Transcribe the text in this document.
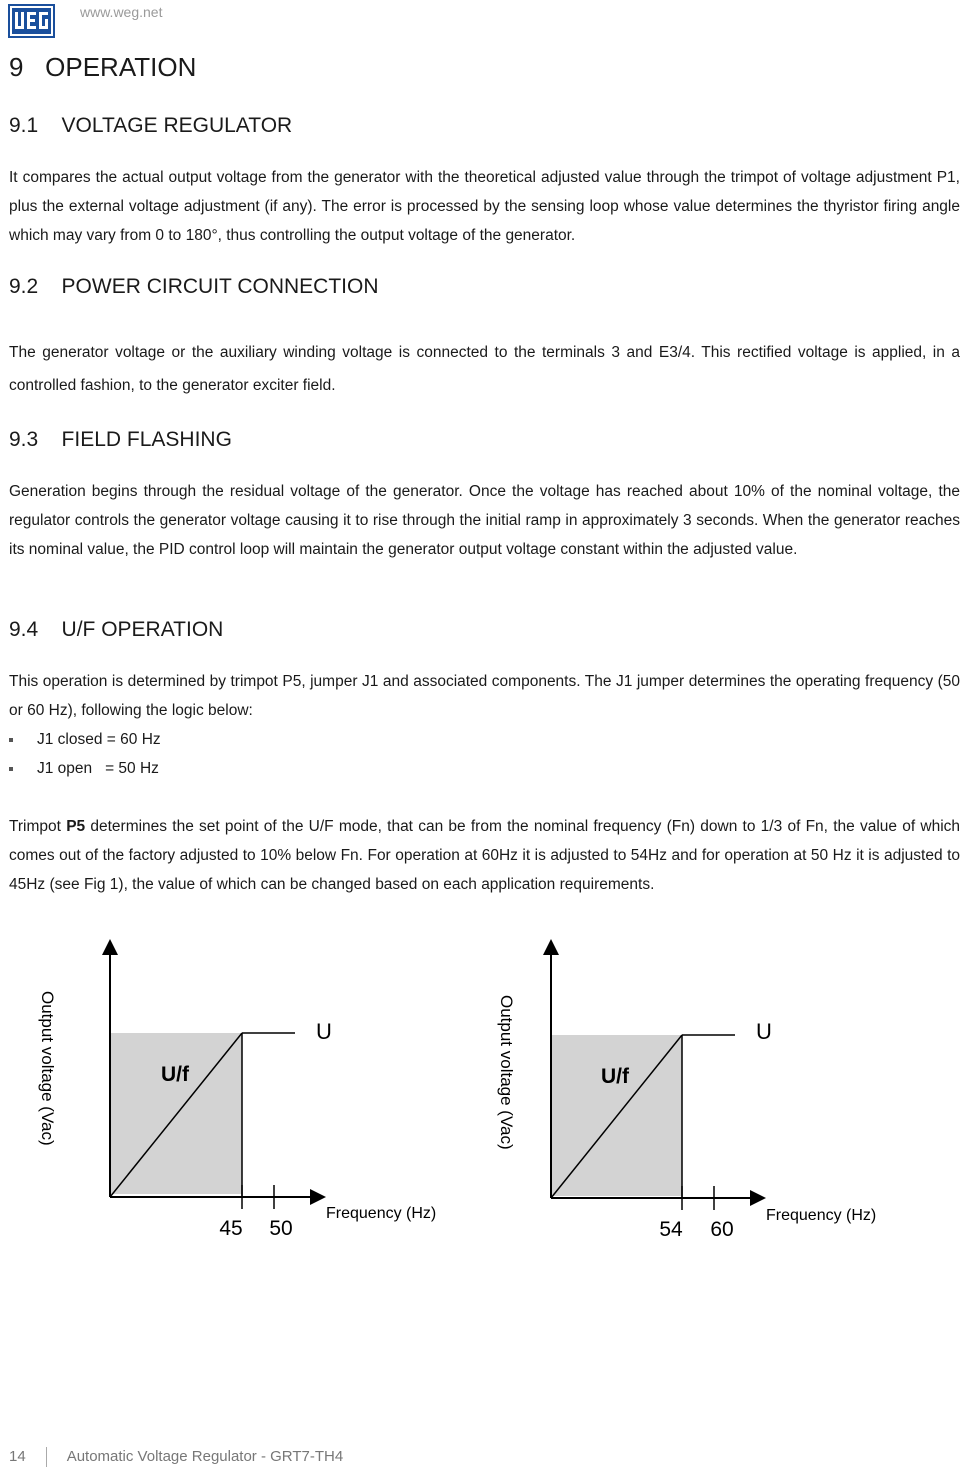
www.weg.net
9 OPERATION
9.1 VOLTAGE REGULATOR

It compares the actual output voltage from the generator with the theoretical adjusted value through the trimpot of voltage adjustment P1, plus the external voltage adjustment (if any). The error is processed by the sensing loop whose value determines the thyristor firing angle which may vary from 0 to 180°, thus controlling the output voltage of the generator.

9.2 POWER CIRCUIT CONNECTION

The generator voltage or the auxiliary winding voltage is connected to the terminals 3 and E3/4. This rectified voltage is applied, in a controlled fashion, to the generator exciter field.

9.3 FIELD FLASHING

Generation begins through the residual voltage of the generator. Once the voltage has reached about 10% of the nominal voltage, the regulator controls the generator voltage causing it to rise through the initial ramp in approximately 3 seconds. When the generator reaches its nominal value, the PID control loop will maintain the generator output voltage constant within the adjusted value.

9.4 U/F OPERATION

This operation is determined by trimpot P5, jumper J1 and associated components. The J1 jumper determines the operating frequency (50 or 60 Hz), following the logic below:

J1 closed = 60 Hz
J1 open   = 50 Hz

Trimpot P5 determines the set point of the U/F mode, that can be from the nominal frequency (Fn) down to 1/3 of Fn, the value of which comes out of the factory adjusted to 10% below Fn. For operation at 60Hz it is adjusted to 54Hz and for operation at 50 Hz it is adjusted to 45Hz (see Fig 1), the value of which can be changed based on each application requirements.

Output voltage (Vac)	U/f
U
45 50
Frequency (Hz)
Output voltage (Vac)	U/f
U
54 60
Frequency (Hz)
14	Automatic Voltage Regulator - GRT7-TH4
